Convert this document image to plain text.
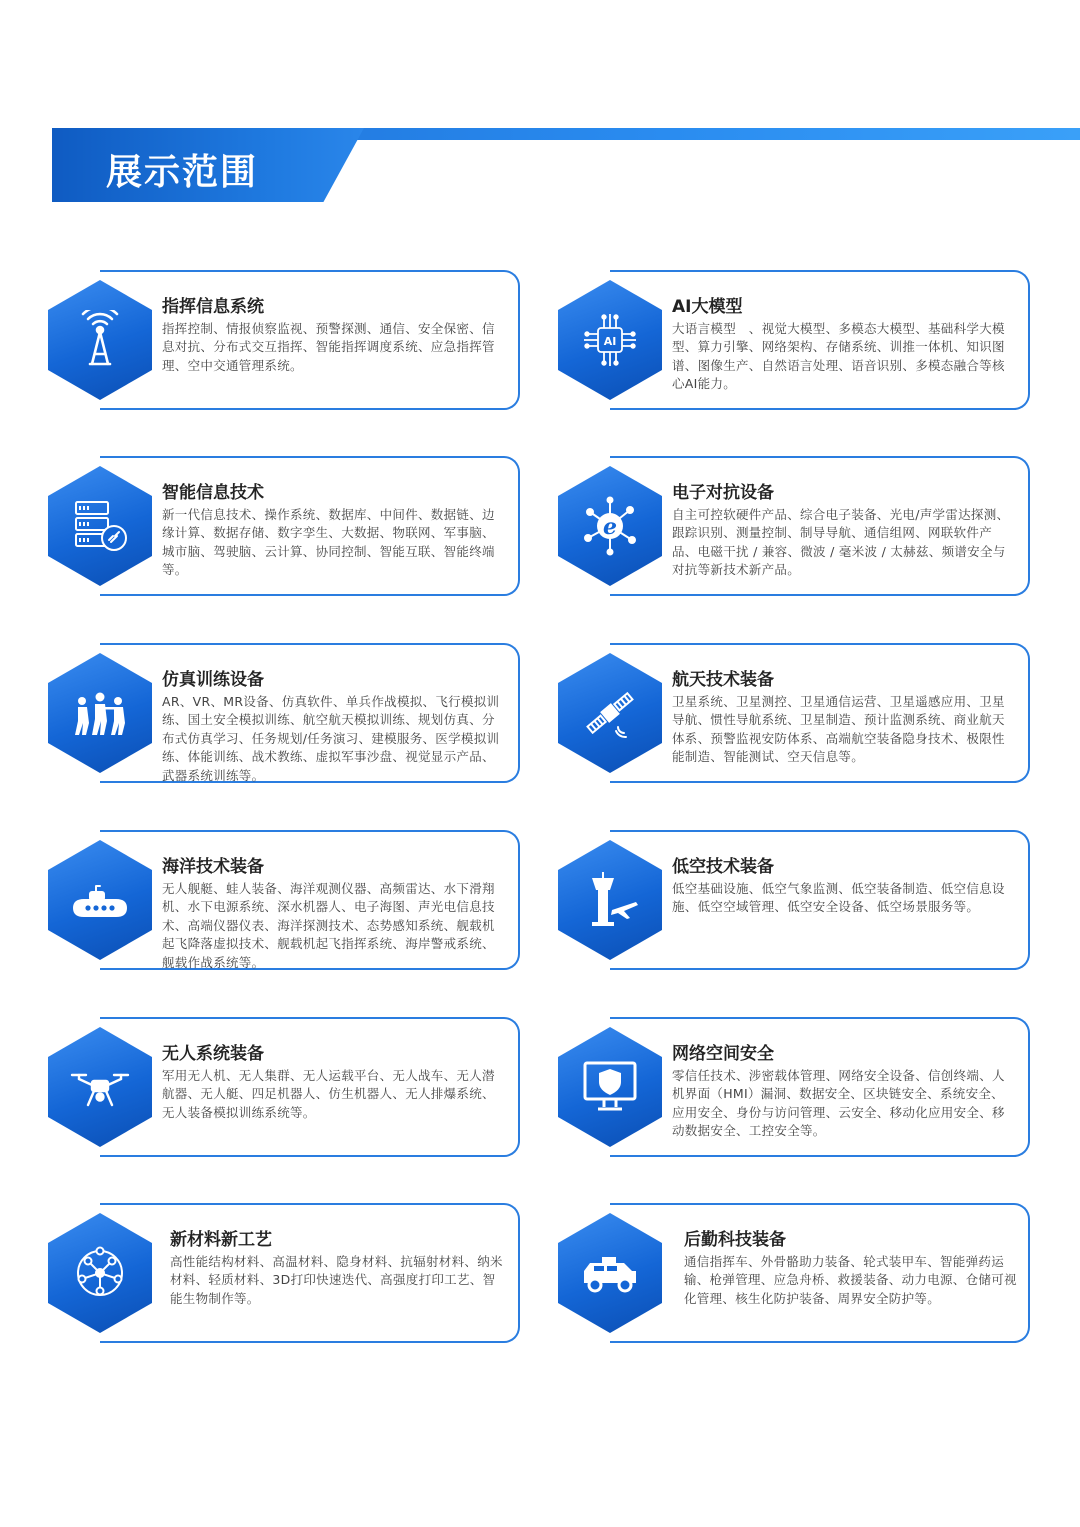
展示范围
指挥信息系统
指挥控制、情报侦察监视、预警探测、通信、安全保密、信息对抗、分布式交互指挥、智能指挥调度系统、应急指挥管理、空中交通管理系统。
AI大模型
大语言模型　、视觉大模型、多模态大模型、基础科学大模型、算力引擎、网络架构、存储系统、训推一体机、知识图谱、图像生产、自然语言处理、语音识别、多模态融合等核心AI能力。
AI
智能信息技术
新一代信息技术、操作系统、数据库、中间件、数据链、边缘计算、数据存储、数字孪生、大数据、物联网、军事脑、城市脑、驾驶脑、云计算、协同控制、智能互联、智能终端等。
电子对抗设备
自主可控软硬件产品、综合电子装备、光电/声学雷达探测、跟踪识别、测量控制、制导导航、通信组网、网联软件产品、电磁干扰 / 兼容、微波 / 毫米波 / 太赫兹、频谱安全与对抗等新技术新产品。
e
仿真训练设备
AR、VR、MR设备、仿真软件、单兵作战模拟、飞行模拟训练、国土安全模拟训练、航空航天模拟训练、规划仿真、分布式仿真学习、任务规划/任务演习、建模服务、医学模拟训练、体能训练、战术教练、虚拟军事沙盘、视觉显示产品、武器系统训练等。
航天技术装备
卫星系统、卫星测控、卫星通信运营、卫星遥感应用、卫星导航、惯性导航系统、卫星制造、预计监测系统、商业航天体系、预警监视安防体系、高端航空装备隐身技术、极限性能制造、智能测试、空天信息等。
海洋技术装备
无人舰艇、蛙人装备、海洋观测仪器、高频雷达、水下滑翔机、水下电源系统、深水机器人、电子海图、声光电信息技术、高端仪器仪表、海洋探测技术、态势感知系统、舰载机起飞降落虚拟技术、舰载机起飞指挥系统、海岸警戒系统、舰载作战系统等。
低空技术装备
低空基础设施、低空气象监测、低空装备制造、低空信息设施、低空空域管理、低空安全设备、低空场景服务等。
无人系统装备
军用无人机、无人集群、无人运载平台、无人战车、无人潜航器、无人艇、四足机器人、仿生机器人、无人排爆系统、无人装备模拟训练系统等。
网络空间安全
零信任技术、涉密载体管理、网络安全设备、信创终端、人机界面（HMI）漏洞、数据安全、区块链安全、系统安全、应用安全、身份与访问管理、云安全、移动化应用安全、移动数据安全、工控安全等。
新材料新工艺
高性能结构材料、高温材料、隐身材料、抗辐射材料、纳米材料、轻质材料、3D打印快速迭代、高强度打印工艺、智能生物制作等。
后勤科技装备
通信指挥车、外骨骼助力装备、轮式装甲车、智能弹药运输、枪弹管理、应急舟桥、救援装备、动力电源、仓储可视化管理、核生化防护装备、周界安全防护等。
